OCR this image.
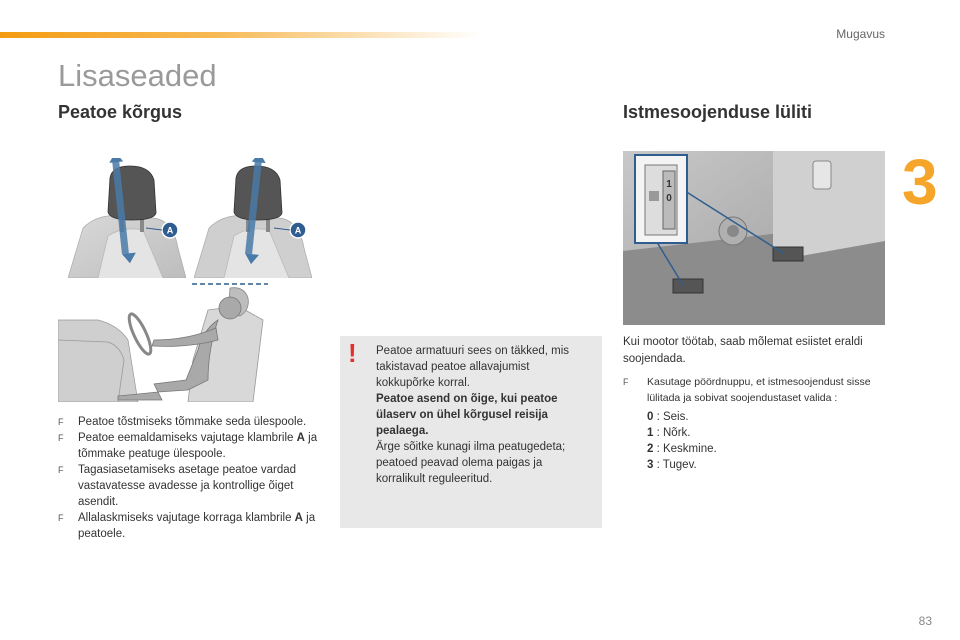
Mugavus
3
Lisaseaded
Peatoe kõrgus	Istmesoojenduse lüliti
A	A
F Peatoe tõstmiseks tõmmake seda ülespoole.
F Peatoe eemaldamiseks vajutage klambrile A ja tõmmake peatuge ülespoole.
F Tagasiasetamiseks asetage peatoe vardad vastavatesse avadesse ja kontrollige õiget asendit.
F Allalaskmiseks vajutage korraga klambrile A ja peatoele.
! Peatoe armatuuri sees on täkked, mis takistavad peatoe allavajumist kokkupõrke korral.
Peatoe asend on õige, kui peatoe ülaserv on ühel kõrgusel reisija pealaega.
Ärge sõitke kunagi ilma peatugedeta; peatoed peavad olema paigas ja korralikult reguleeritud.
1
0
Kui mootor töötab, saab mõlemat esiistet eraldi soojendada.
F	Kasutage pöördnuppu, et istmesoojendust sisse lülitada ja sobivat soojendustaset valida :
0 : Seis.
1 : Nõrk.
2 : Keskmine.
3 : Tugev.
83
